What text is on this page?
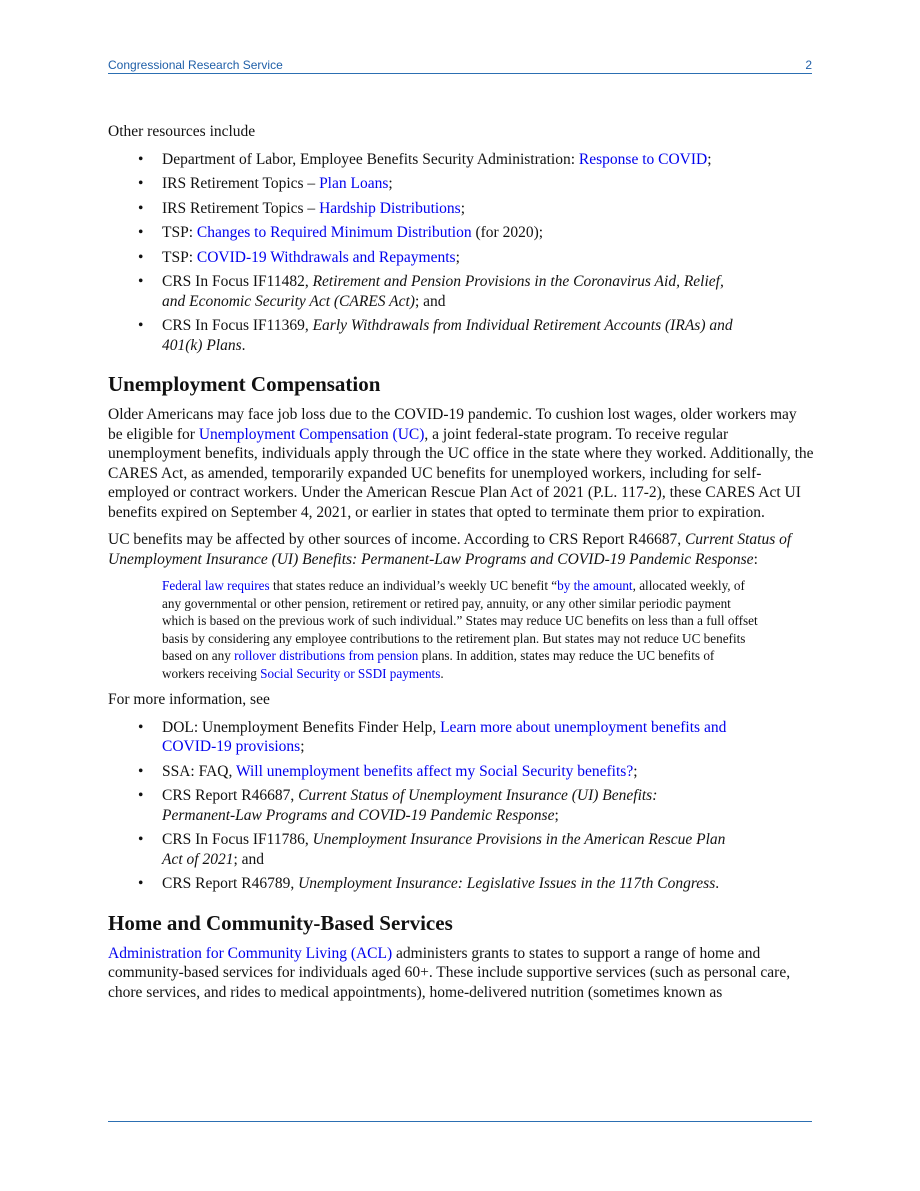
Congressional Research Service	2

Other resources include

• Department of Labor, Employee Benefits Security Administration: Response to COVID;
• IRS Retirement Topics – Plan Loans;
• IRS Retirement Topics – Hardship Distributions;
• TSP: Changes to Required Minimum Distribution (for 2020);
• TSP: COVID-19 Withdrawals and Repayments;
• CRS In Focus IF11482, Retirement and Pension Provisions in the Coronavirus Aid, Relief, and Economic Security Act (CARES Act); and
• CRS In Focus IF11369, Early Withdrawals from Individual Retirement Accounts (IRAs) and 401(k) Plans.
Unemployment Compensation

Older Americans may face job loss due to the COVID-19 pandemic. To cushion lost wages, older workers may be eligible for Unemployment Compensation (UC), a joint federal-state program. To receive regular unemployment benefits, individuals apply through the UC office in the state where they worked. Additionally, the CARES Act, as amended, temporarily expanded UC benefits for unemployed workers, including for self-employed or contract workers. Under the American Rescue Plan Act of 2021 (P.L. 117-2), these CARES Act UI benefits expired on September 4, 2021, or earlier in states that opted to terminate them prior to expiration.

UC benefits may be affected by other sources of income. According to CRS Report R46687, Current Status of Unemployment Insurance (UI) Benefits: Permanent-Law Programs and COVID-19 Pandemic Response:

Federal law requires that states reduce an individual’s weekly UC benefit “by the amount, allocated weekly, of any governmental or other pension, retirement or retired pay, annuity, or any other similar periodic payment which is based on the previous work of such individual.” States may reduce UC benefits on less than a full offset basis by considering any employee contributions to the retirement plan. But states may not reduce UC benefits based on any rollover distributions from pension plans. In addition, states may reduce the UC benefits of workers receiving Social Security or SSDI payments.

For more information, see

• DOL: Unemployment Benefits Finder Help, Learn more about unemployment benefits and COVID-19 provisions;
• SSA: FAQ, Will unemployment benefits affect my Social Security benefits?;
• CRS Report R46687, Current Status of Unemployment Insurance (UI) Benefits: Permanent-Law Programs and COVID-19 Pandemic Response;
• CRS In Focus IF11786, Unemployment Insurance Provisions in the American Rescue Plan Act of 2021; and
• CRS Report R46789, Unemployment Insurance: Legislative Issues in the 117th Congress.
Home and Community-Based Services

Administration for Community Living (ACL) administers grants to states to support a range of home and community-based services for individuals aged 60+. These include supportive services (such as personal care, chore services, and rides to medical appointments), home-delivered nutrition (sometimes known as
